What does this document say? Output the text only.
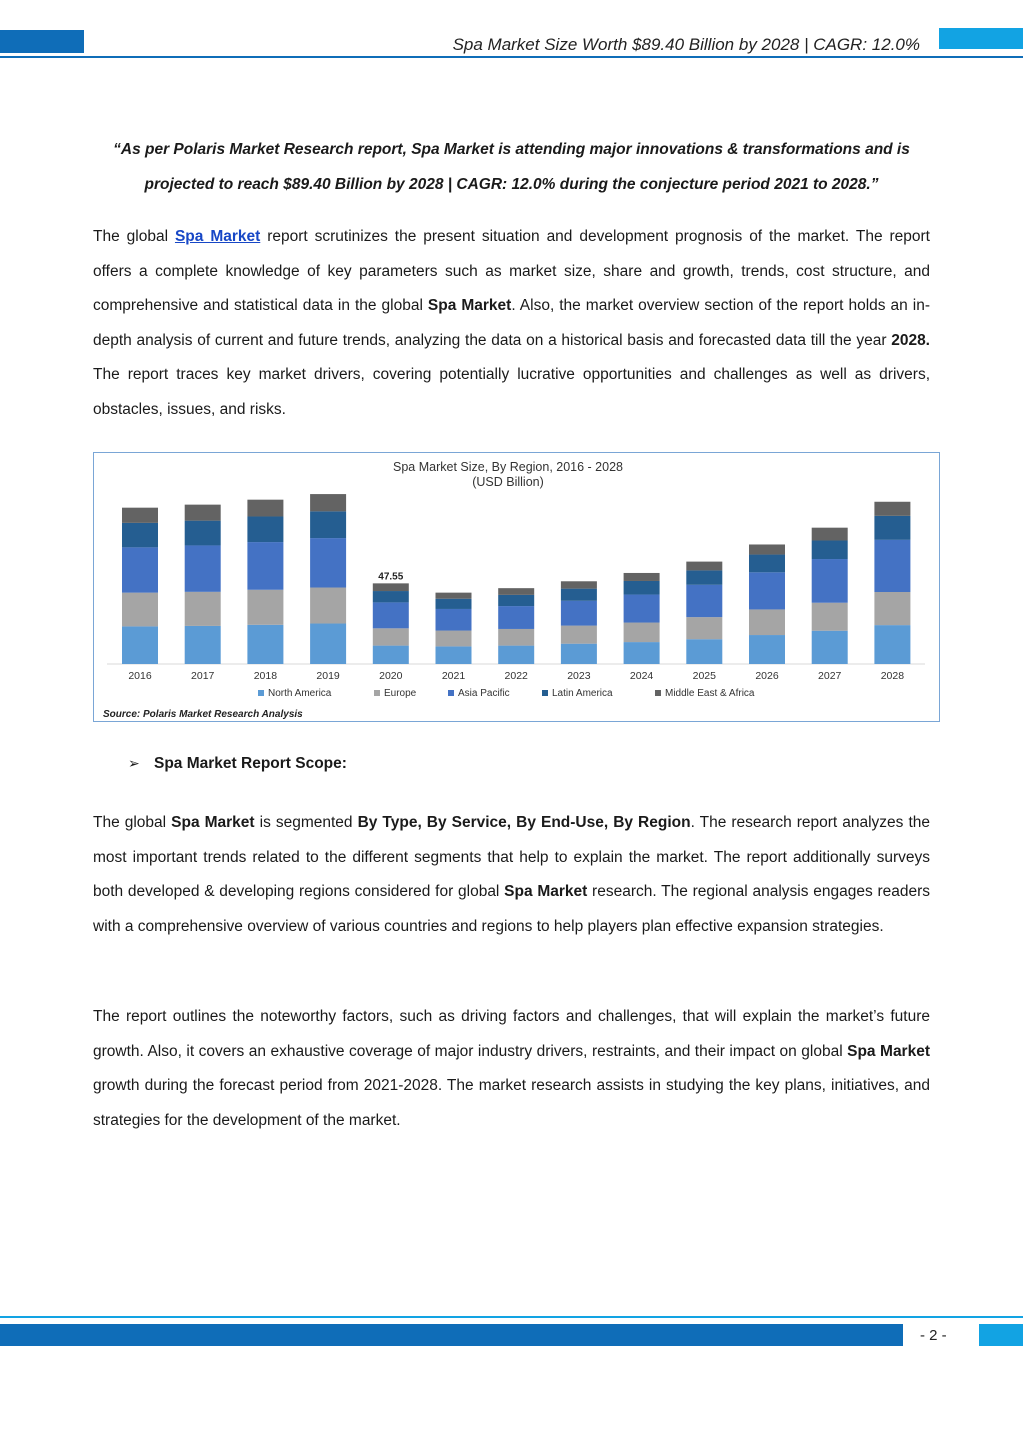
Spa Market Size Worth $89.40 Billion by 2028 | CAGR: 12.0%
“As per Polaris Market Research report, Spa Market is attending major innovations & transformations and is projected to reach $89.40 Billion by 2028 | CAGR: 12.0% during the conjecture period 2021 to 2028.”
The global Spa Market report scrutinizes the present situation and development prognosis of the market. The report offers a complete knowledge of key parameters such as market size, share and growth, trends, cost structure, and comprehensive and statistical data in the global Spa Market. Also, the market overview section of the report holds an in-depth analysis of current and future trends, analyzing the data on a historical basis and forecasted data till the year 2028. The report traces key market drivers, covering potentially lucrative opportunities and challenges as well as drivers, obstacles, issues, and risks.
Spa Market Size, By Region, 2016 - 2028
(USD Billion)
47.55
2016	2017	2018	2019	2020	2021	2022	2023	2024	2025	2026	2027	2028
North America	Europe	Asia Pacific	Latin America	Middle East & Africa
Source: Polaris Market Research Analysis
➢ Spa Market Report Scope:
The global Spa Market is segmented By Type, By Service, By End-Use, By Region. The research report analyzes the most important trends related to the different segments that help to explain the market. The report additionally surveys both developed & developing regions considered for global Spa Market research. The regional analysis engages readers with a comprehensive overview of various countries and regions to help players plan effective expansion strategies.
The report outlines the noteworthy factors, such as driving factors and challenges, that will explain the market’s future growth. Also, it covers an exhaustive coverage of major industry drivers, restraints, and their impact on global Spa Market growth during the forecast period from 2021-2028. The market research assists in studying the key plans, initiatives, and strategies for the development of the market.
- 2 -
